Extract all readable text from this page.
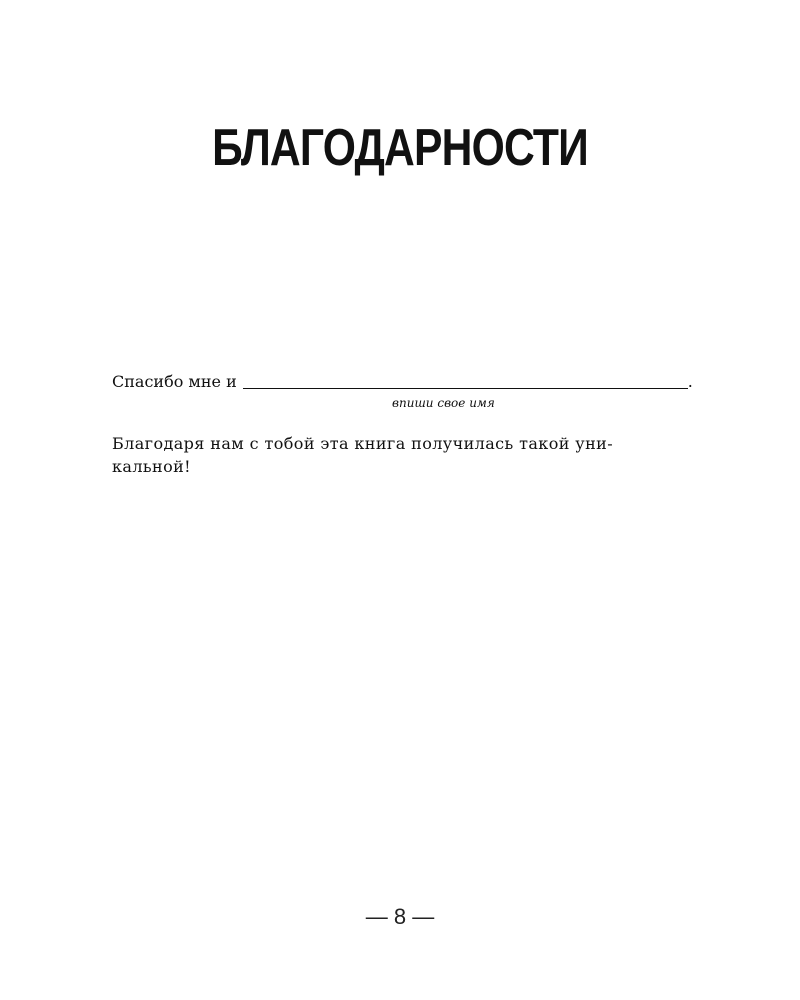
БЛАГОДАРНОСТИ
Спасибо мне и	.
впиши свое имя

Благодаря нам с тобой эта книга получилась такой уни-
кальной!

— 8 —
